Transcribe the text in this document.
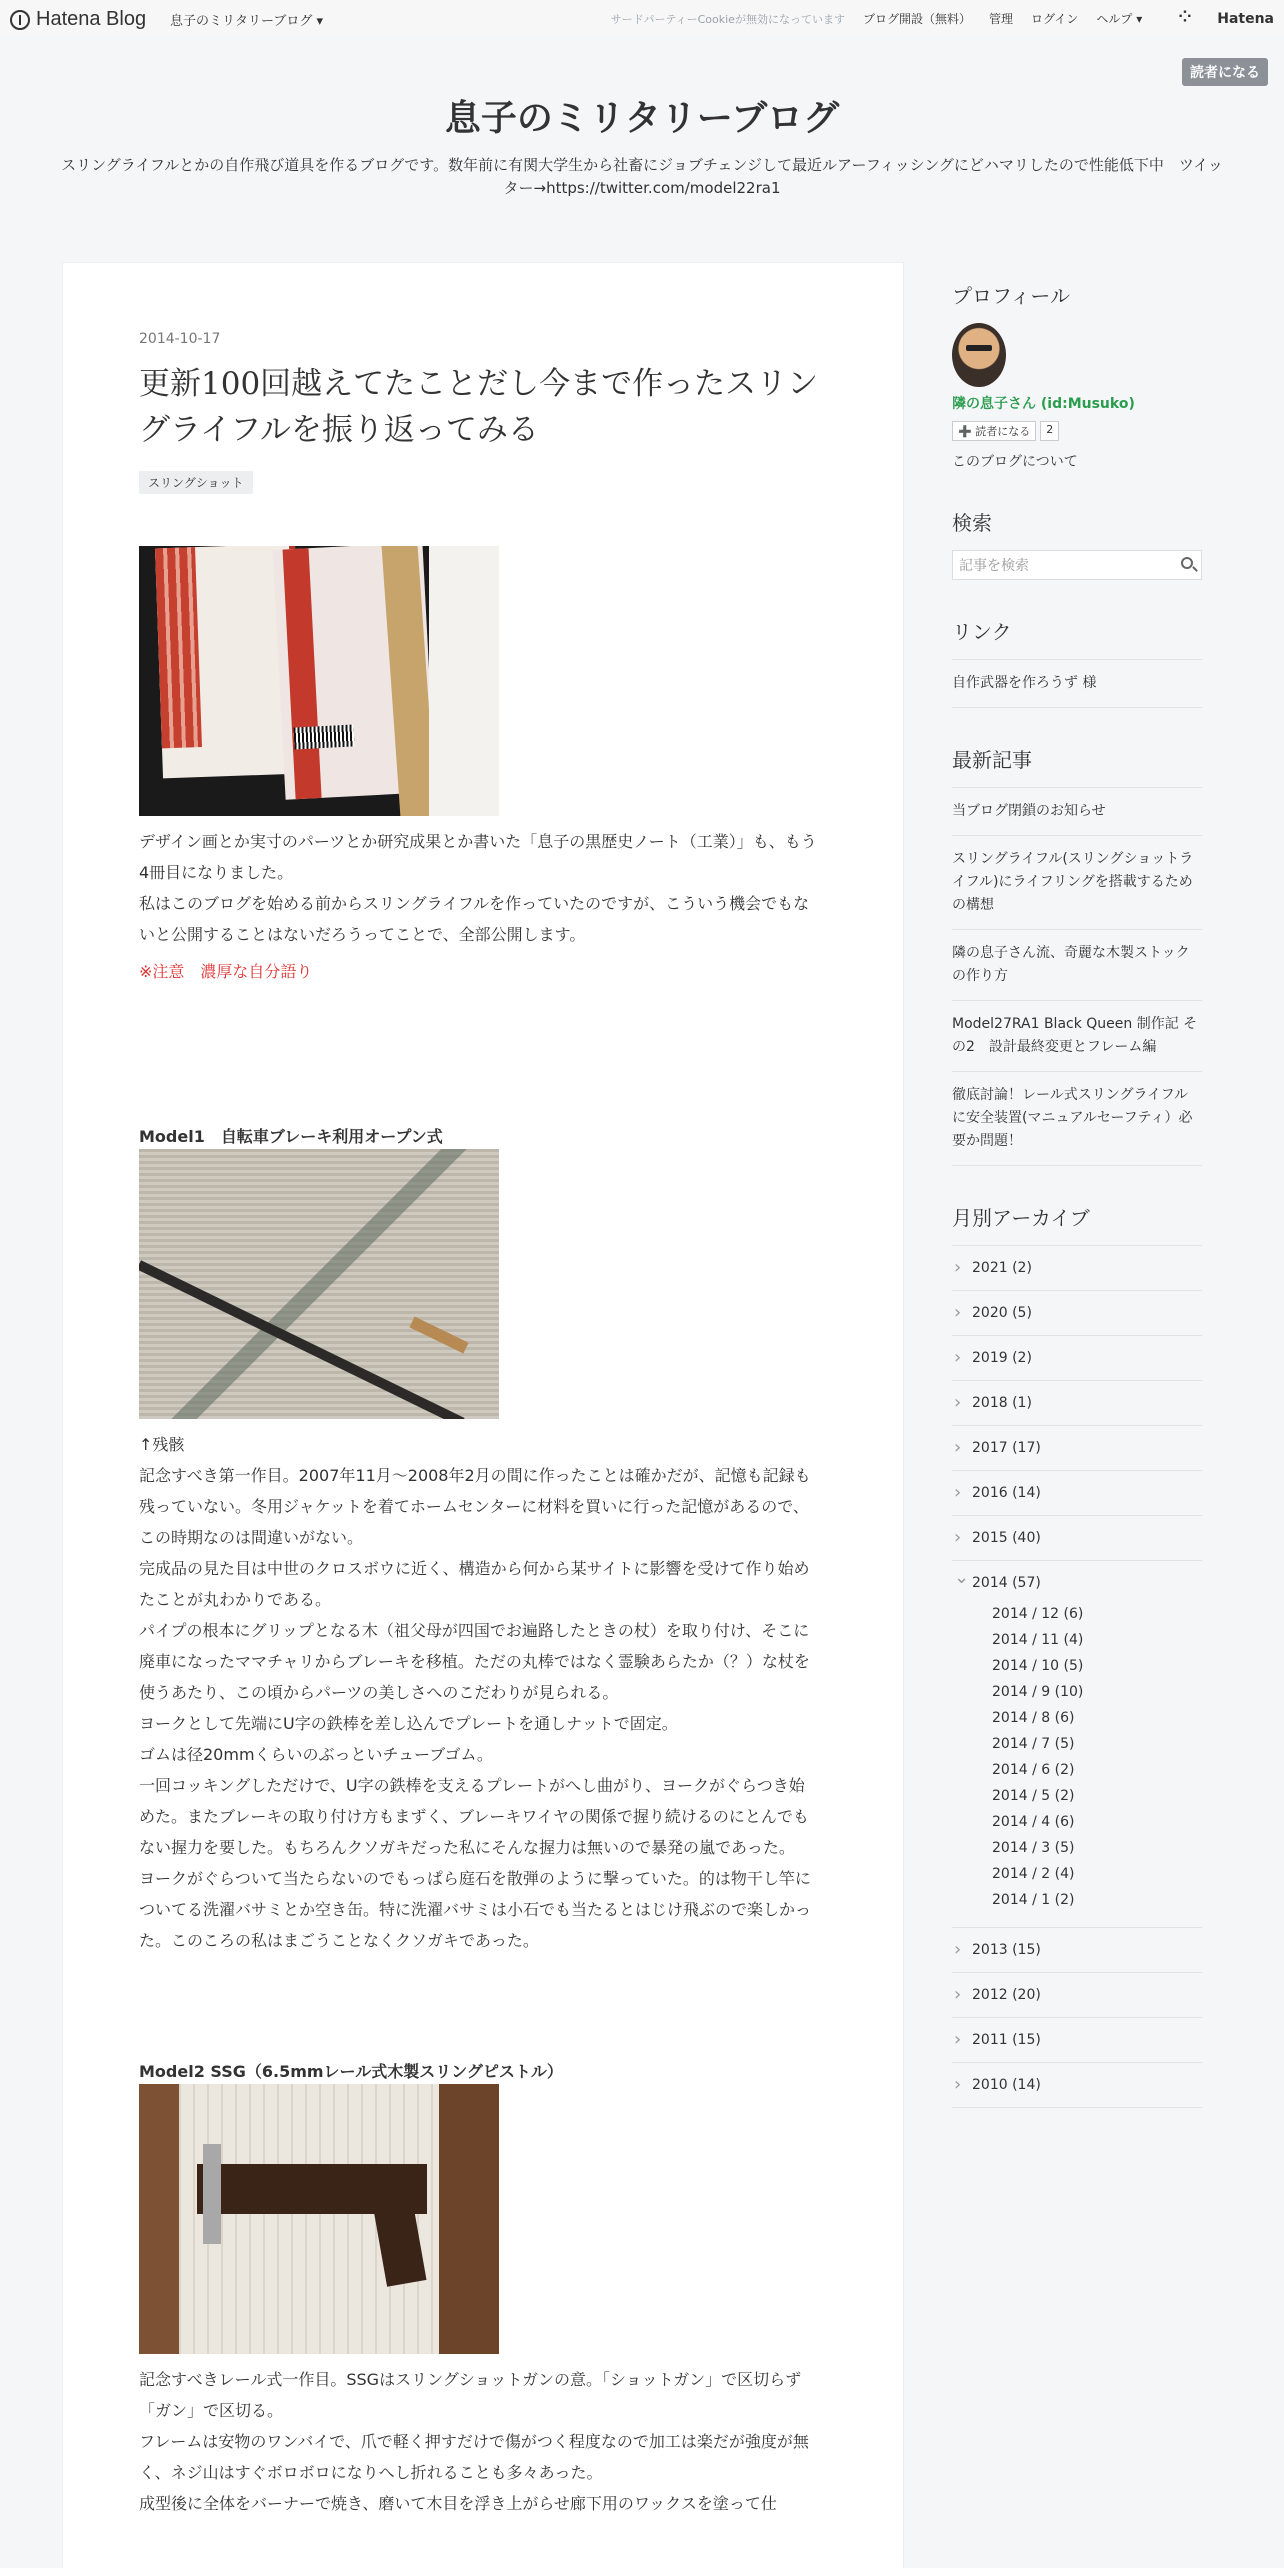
Hatena Blog 息子のミリタリーブログ ▾	サードパーティーCookieが無効になっています ブログ開設（無料） 管理 ログイン ヘルプ ▾
⁘	Hatena
読者になる
息子のミリタリーブログ

スリングライフルとかの自作飛び道具を作るブログです。数年前に有関大学生から社畜にジョブチェンジして最近ルアーフィッシングにどハマリしたので性能低下中　ツイッター→https://twitter.com/model22ra1

2014-10-17
更新100回越えてたことだし今まで作ったスリングライフルを振り返ってみる
スリングショット

デザイン画とか実寸のパーツとか研究成果とか書いた「息子の黒歴史ノート（工業）」も、もう4冊目になりました。

私はこのブログを始める前からスリングライフルを作っていたのですが、こういう機会でもないと公開することはないだろうってことで、全部公開します。

※注意　濃厚な自分語り

Model1　自転車ブレーキ利用オープン式

↑残骸

記念すべき第一作目。2007年11月〜2008年2月の間に作ったことは確かだが、記憶も記録も残っていない。冬用ジャケットを着てホームセンターに材料を買いに行った記憶があるので、この時期なのは間違いがない。

完成品の見た目は中世のクロスボウに近く、構造から何から某サイトに影響を受けて作り始めたことが丸わかりである。

パイプの根本にグリップとなる木（祖父母が四国でお遍路したときの杖）を取り付け、そこに廃車になったママチャリからブレーキを移植。ただの丸棒ではなく霊験あらたか（？）な杖を使うあたり、この頃からパーツの美しさへのこだわりが見られる。

ヨークとして先端にU字の鉄棒を差し込んでプレートを通しナットで固定。

ゴムは径20mmくらいのぶっといチューブゴム。

一回コッキングしただけで、U字の鉄棒を支えるプレートがへし曲がり、ヨークがぐらつき始めた。またブレーキの取り付け方もまずく、ブレーキワイヤの関係で握り続けるのにとんでもない握力を要した。もちろんクソガキだった私にそんな握力は無いので暴発の嵐であった。

ヨークがぐらついて当たらないのでもっぱら庭石を散弾のように撃っていた。的は物干し竿についてる洗濯バサミとか空き缶。特に洗濯バサミは小石でも当たるとはじけ飛ぶので楽しかった。このころの私はまごうことなくクソガキであった。

Model2 SSG（6.5mmレール式木製スリングピストル）

記念すべきレール式一作目。SSGはスリングショットガンの意。「ショットガン」で区切らず「ガン」で区切る。

フレームは安物のワンバイで、爪で軽く押すだけで傷がつく程度なので加工は楽だが強度が無く、ネジ山はすぐボロボロになりへし折れることも多々あった。

成型後に全体をバーナーで焼き、磨いて木目を浮き上がらせ廊下用のワックスを塗って仕

プロフィール
隣の息子さん (id:Musuko)
➕ 読者になる	2
このブログについて
検索
記事を検索
リンク
自作武器を作ろうず 様
最新記事
当ブログ閉鎖のお知らせ
スリングライフル(スリングショットライフル)にライフリングを搭載するための構想
隣の息子さん流、奇麗な木製ストックの作り方
Model27RA1 Black Queen 制作記 その2　設計最終変更とフレーム編
徹底討論！レール式スリングライフルに安全装置(マニュアルセーフティ）必要か問題！
月別アーカイブ
› 2021 (2)
› 2020 (5)
› 2019 (2)
› 2018 (1)
› 2017 (17)
› 2016 (14)
› 2015 (40)
⌄ 2014 (57)
2014 / 12 (6)
2014 / 11 (4)
2014 / 10 (5)
2014 / 9 (10)
2014 / 8 (6)
2014 / 7 (5)
2014 / 6 (2)
2014 / 5 (2)
2014 / 4 (6)
2014 / 3 (5)
2014 / 2 (4)
2014 / 1 (2)
› 2013 (15)
› 2012 (20)
› 2011 (15)
› 2010 (14)
